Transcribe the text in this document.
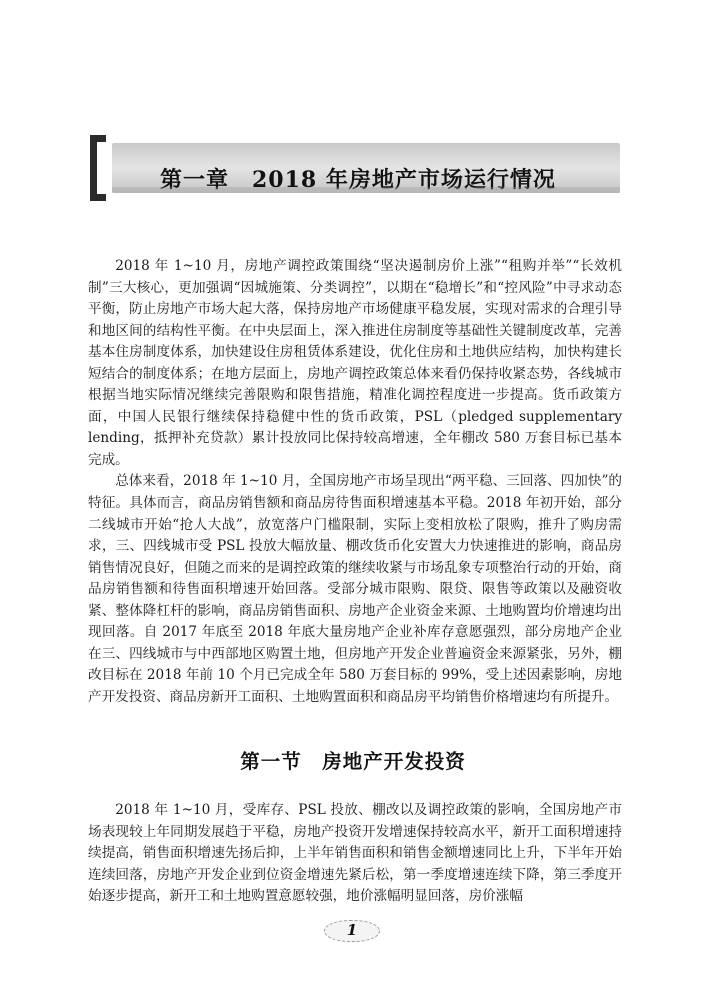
第一章　2018 年房地产市场运行情况

2018 年 1~10 月，房地产调控政策围绕“坚决遏制房价上涨”“租购并举”“长效机制”三大核心，更加强调“因城施策、分类调控”，以期在“稳增长”和“控风险”中寻求动态平衡，防止房地产市场大起大落，保持房地产市场健康平稳发展，实现对需求的合理引导和地区间的结构性平衡。在中央层面上，深入推进住房制度等基础性关键制度改革，完善基本住房制度体系，加快建设住房租赁体系建设，优化住房和土地供应结构，加快构建长短结合的制度体系；在地方层面上，房地产调控政策总体来看仍保持收紧态势，各线城市根据当地实际情况继续完善限购和限售措施，精准化调控程度进一步提高。货币政策方面，中国人民银行继续保持稳健中性的货币政策，PSL（pledged supplementary lending，抵押补充贷款）累计投放同比保持较高增速，全年棚改 580 万套目标已基本完成。

总体来看，2018 年 1~10 月，全国房地产市场呈现出“两平稳、三回落、四加快”的特征。具体而言，商品房销售额和商品房待售面积增速基本平稳。2018 年初开始，部分二线城市开始“抢人大战”，放宽落户门槛限制，实际上变相放松了限购，推升了购房需求，三、四线城市受 PSL 投放大幅放量、棚改货币化安置大力快速推进的影响，商品房销售情况良好，但随之而来的是调控政策的继续收紧与市场乱象专项整治行动的开始，商品房销售额和待售面积增速开始回落。受部分城市限购、限贷、限售等政策以及融资收紧、整体降杠杆的影响，商品房销售面积、房地产企业资金来源、土地购置均价增速均出现回落。自 2017 年底至 2018 年底大量房地产企业补库存意愿强烈，部分房地产企业在三、四线城市与中西部地区购置土地，但房地产开发企业普遍资金来源紧张，另外，棚改目标在 2018 年前 10 个月已完成全年 580 万套目标的 99%，受上述因素影响，房地产开发投资、商品房新开工面积、土地购置面积和商品房平均销售价格增速均有所提升。

第一节　房地产开发投资

2018 年 1~10 月，受库存、PSL 投放、棚改以及调控政策的影响，全国房地产市场表现较上年同期发展趋于平稳，房地产投资开发增速保持较高水平，新开工面积增速持续提高，销售面积增速先扬后抑，上半年销售面积和销售金额增速同比上升，下半年开始连续回落，房地产开发企业到位资金增速先紧后松，第一季度增速连续下降，第三季度开始逐步提高，新开工和土地购置意愿较强，地价涨幅明显回落，房价涨幅

1
